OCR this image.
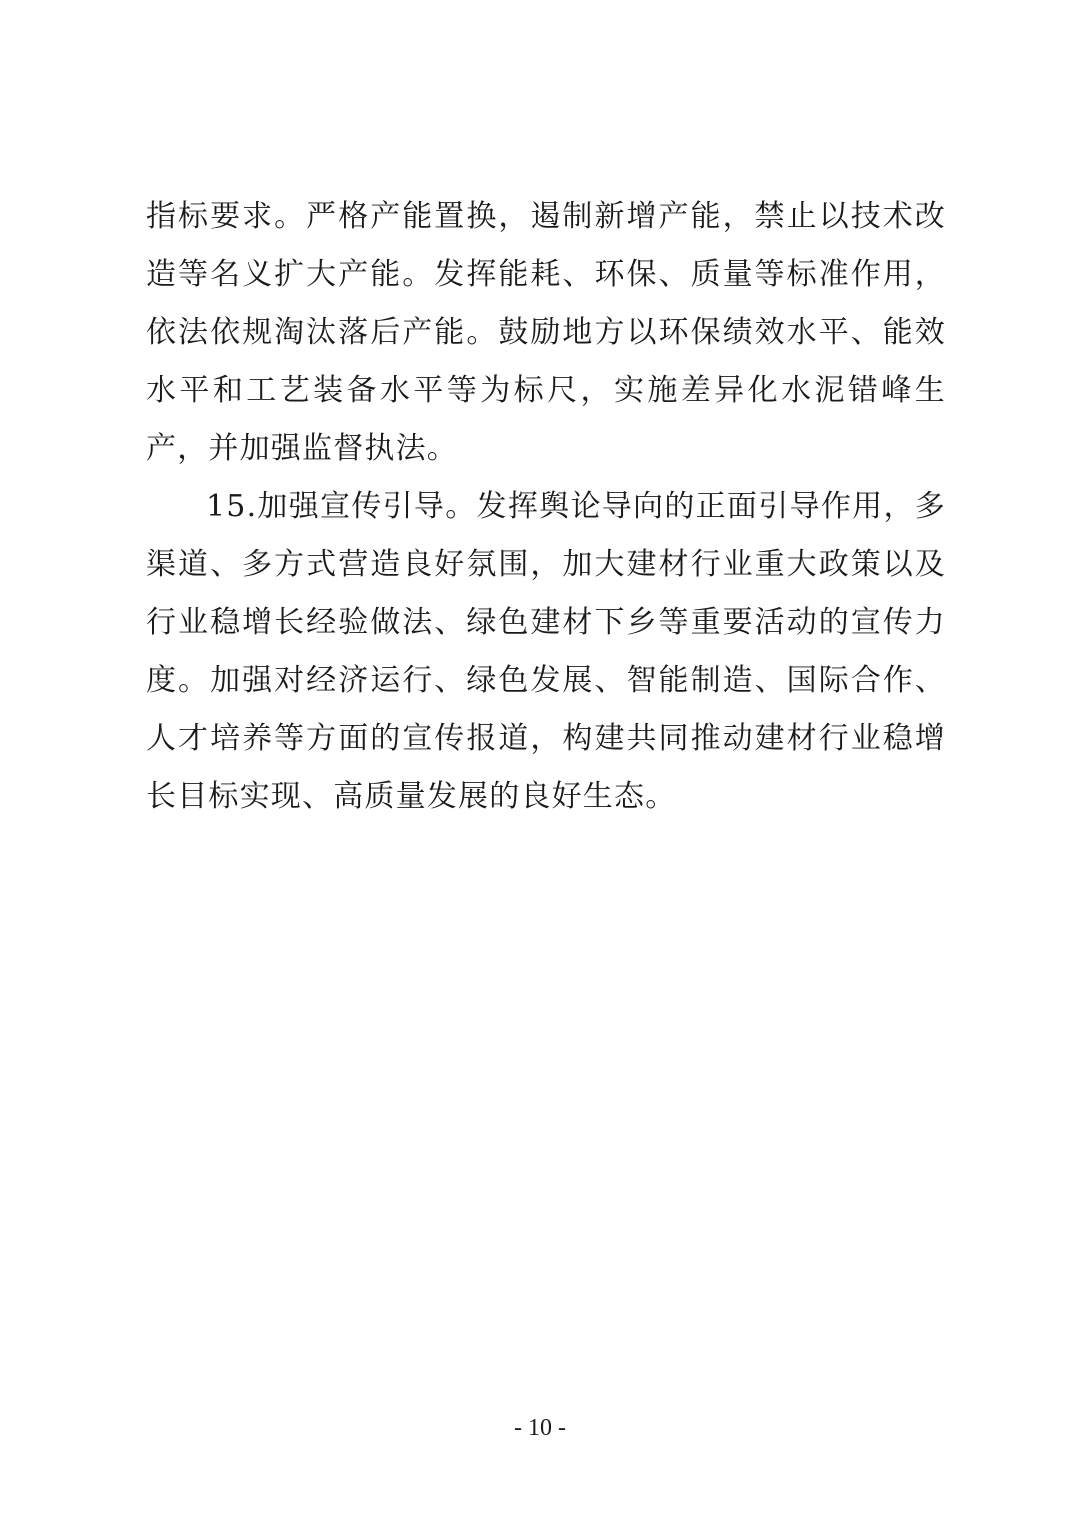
指标要求。严格产能置换，遏制新增产能，禁止以技术改造等名义扩大产能。发挥能耗、环保、质量等标准作用，依法依规淘汰落后产能。鼓励地方以环保绩效水平、能效水平和工艺装备水平等为标尺，实施差异化水泥错峰生产，并加强监督执法。

15.加强宣传引导。发挥舆论导向的正面引导作用，多渠道、多方式营造良好氛围，加大建材行业重大政策以及行业稳增长经验做法、绿色建材下乡等重要活动的宣传力度。加强对经济运行、绿色发展、智能制造、国际合作、人才培养等方面的宣传报道，构建共同推动建材行业稳增长目标实现、高质量发展的良好生态。

- 10 -
